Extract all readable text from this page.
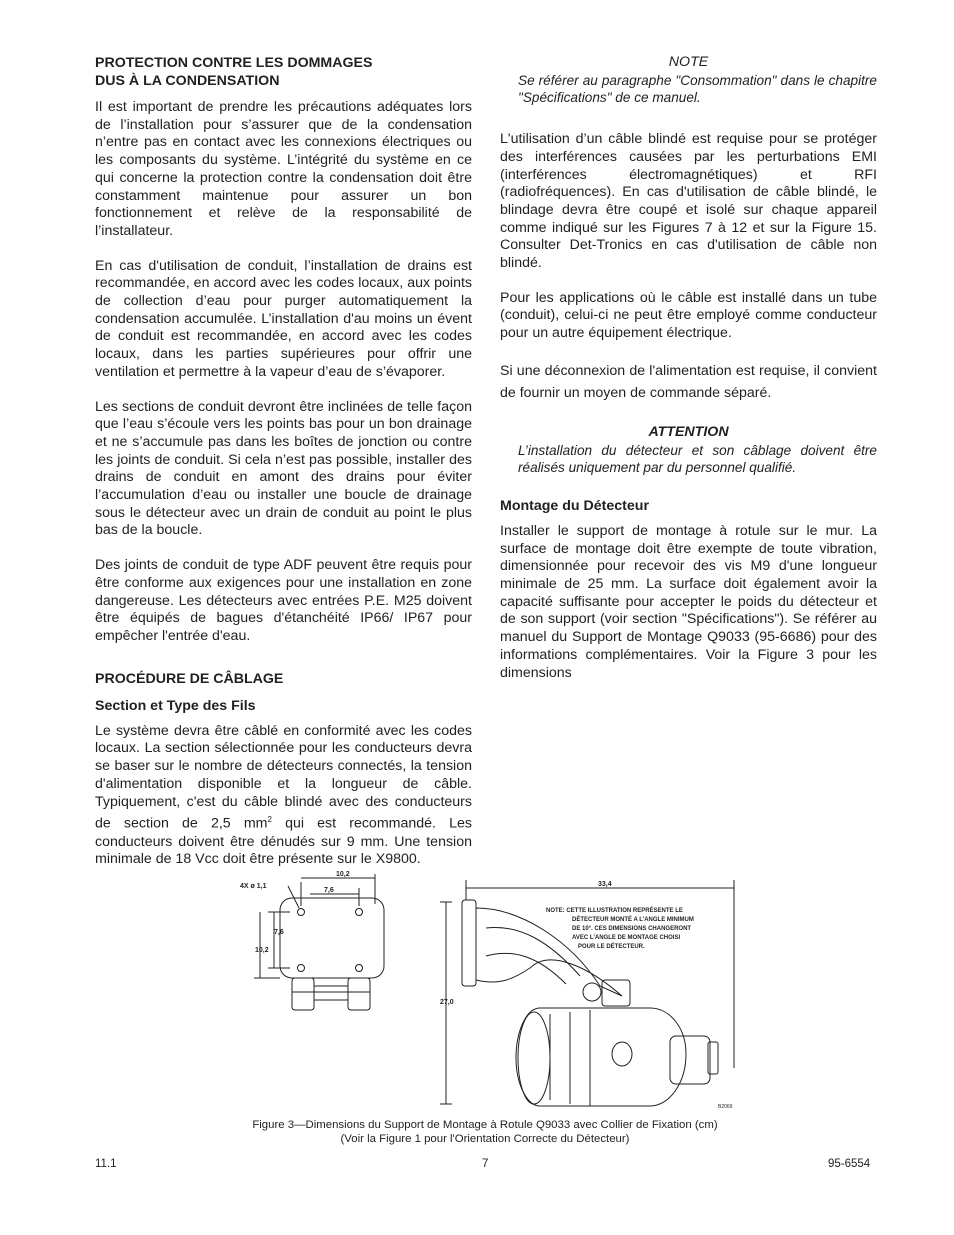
PROTECTION CONTRE LES DOMMAGES
DUS À LA CONDENSATION

Il est important de prendre les précautions adéquates lors de l’installation pour s’assurer que de la condensation n’entre pas en contact avec les connexions électriques ou les composants du système. L’intégrité du système en ce qui concerne la protection contre la condensation doit être constamment maintenue pour assurer un bon fonctionnement et relève de la responsabilité de l’installateur.

En cas d'utilisation de conduit, l’installation de drains est recommandée, en accord avec les codes locaux, aux points de collection d’eau pour purger automatiquement la condensation accumulée. L’installation d'au moins un évent de conduit est recommandée, en accord avec les codes locaux, dans les parties supérieures pour offrir une ventilation et permettre à la vapeur d’eau de s’évaporer.

Les sections de conduit devront être inclinées de telle façon que l’eau s’écoule vers les points bas pour un bon drainage et ne s’accumule pas dans les boîtes de jonction ou contre les joints de conduit. Si cela n’est pas possible, installer des drains de conduit en amont des drains pour éviter l’accumulation d’eau ou installer une boucle de drainage sous le détecteur avec un drain de conduit au point le plus bas de la boucle.

Des joints de conduit de type ADF peuvent être requis pour être conforme aux exigences pour une installation en zone dangereuse. Les détecteurs avec entrées P.E. M25 doivent être équipés de bagues d'étanchéité IP66/ IP67 pour empêcher l'entrée d'eau.

PROCÉDURE DE CÂBLAGE
Section et Type des Fils

Le système devra être câblé en conformité avec les codes locaux. La section sélectionnée pour les conducteurs devra se baser sur le nombre de détecteurs connectés, la tension d'alimentation disponible et la longueur de câble. Typiquement, c'est du câble blindé avec des conducteurs de section de 2,5 $mm^2$ qui est recommandé. Les conducteurs doivent être dénudés sur 9 mm. Une tension minimale de 18 Vcc doit être présente sur le X9800.

NOTE

Se référer au paragraphe "Consommation" dans le chapitre "Spécifications" de ce manuel.

L'utilisation d’un câble blindé est requise pour se protéger des interférences causées par les perturbations EMI (interférences électromagnétiques) et RFI (radiofréquences). En cas d'utilisation de câble blindé, le blindage devra être coupé et isolé sur chaque appareil comme indiqué sur les Figures 7 à 12 et sur la Figure 15. Consulter Det-Tronics en cas d'utilisation de câble non blindé.

Pour les applications où le câble est installé dans un tube (conduit), celui-ci ne peut être employé comme conducteur pour un autre équipement électrique.

Si une déconnexion de l'alimentation est requise, il convient de fournir un moyen de commande séparé.

ATTENTION

L’installation du détecteur et son câblage doivent être réalisés uniquement par du personnel qualifié.

Montage du Détecteur

Installer le support de montage à rotule sur le mur. La surface de montage doit être exempte de toute vibration, dimensionnée pour recevoir des vis M9 d'une longueur minimale de 25 mm. La surface doit également avoir la capacité suffisante pour accepter le poids du détecteur et de son support (voir section "Spécifications"). Se référer au manuel du Support de Montage Q9033 (95-6686) pour des informations complémentaires. Voir la Figure 3 pour les dimensions

4X ø 1,1
10,2
7,6
7,6
10,2
33,4
27,0
NOTE: CETTE ILLUSTRATION REPRÉSENTE LE
DÉTECTEUR MONTÉ A L’ANGLE MINIMUM
DE 10°. CES DIMENSIONS CHANGERONT
AVEC L’ANGLE DE MONTAGE CHOISI
POUR LE DÉTECTEUR.
B2069
Figure 3—Dimensions du Support de Montage à Rotule Q9033 avec Collier de Fixation (cm)
(Voir la Figure 1 pour l'Orientation Correcte du Détecteur)
11.1	7	95-6554
